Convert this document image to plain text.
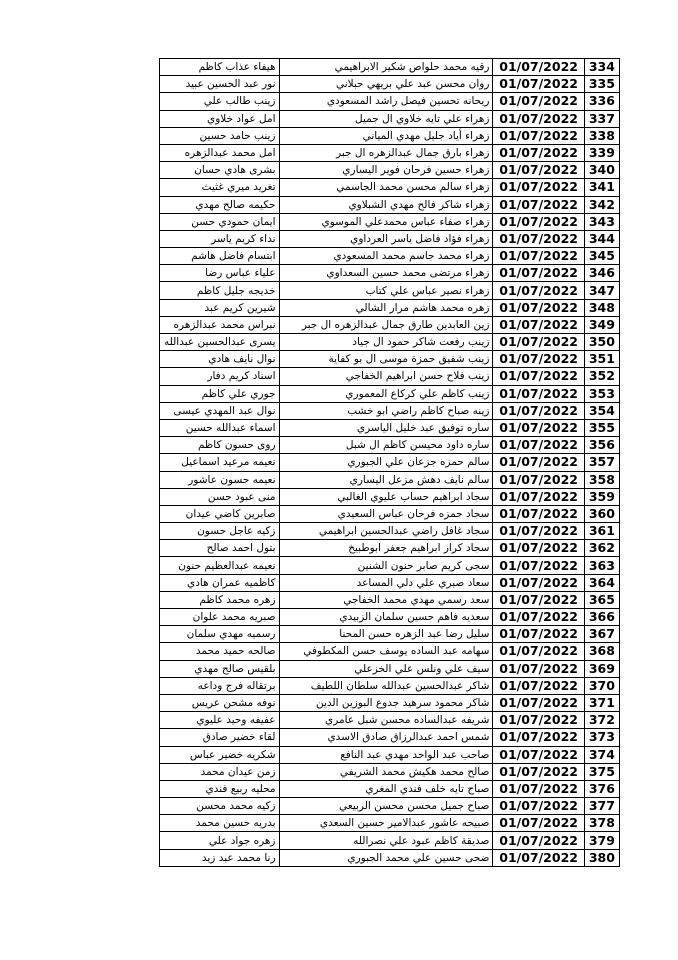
هيفاء عذاب كاظم	رقيه محمد حلواص شكير الابراهيمي	01/07/2022	334
نور عبد الحسين عبيد	روان محسن عبد علي بريهي حبلاني	01/07/2022	335
زينب طالب علي	ريحانه تحسين فيصل راشد المسعودي	01/07/2022	336
امل عواد خلاوي	زهراء علي تايه خلاوي ال جميل	01/07/2022	337
زينب حامد حسين	زهراء أياد جليل مهدي المياني	01/07/2022	338
امل محمد عبدالزهره	زهراء بارق جمال عبدالزهره ال جبر	01/07/2022	339
بشرى هادي حسان	زهراء حسين فرحان فوير اليساري	01/07/2022	340
تغريد ميري غثيث	زهراء سالم محسن محمد الجاسمي	01/07/2022	341
حكيمه صالح مهدي	زهراء شاكر فالح مهدي الشبلاوي	01/07/2022	342
ايمان حمودي حسن	زهراء صفاء عباس محمدعلي الموسوي	01/07/2022	343
نداء كريم ياسر	زهراء فؤاد فاضل ياسر العرداوي	01/07/2022	344
ابتسام فاضل هاشم	زهراء محمد جاسم محمد المسعودي	01/07/2022	345
علياء عباس رضا	زهراء مرتضى محمد حسين السعداوي	01/07/2022	346
خديجه جليل كاظم	زهراء نصير عباس علي كتاب	01/07/2022	347
شيرين كريم عبد	زهره محمد هاشم مرار الشالي	01/07/2022	348
نبراس محمد عبدالزهره	زين العابدين طارق جمال عبدالزهره ال جبر	01/07/2022	349
يسرى عبدالحسين عبدالله	زينب رفعت شاكر حمود ال جياد	01/07/2022	350
نوال نايف هادي	زينب شفيق حمزة موسى ال بو كفاية	01/07/2022	351
اسناد كريم دفار	زينب فلاح حسن ابراهيم الخفاجي	01/07/2022	352
جوري علي كاظم	زينب كاظم علي كركاع المعموري	01/07/2022	353
نوال عبد المهدي عيسى	زينه صباح كاظم راضي ابو خشب	01/07/2022	354
اسماء عبدالله حسين	ساره توفيق عبد خليل الياسري	01/07/2022	355
روى حسون كاظم	ساره داود محيسن كاظم ال شبل	01/07/2022	356
نعيمه مرعيد اسماعيل	سالم حمزه جزعان علي الجبوري	01/07/2022	357
نعيمه حسون عاشور	سالم نايف دهش مزعل اليساري	01/07/2022	358
منى عبود حسن	سجاد ابراهيم حساب عليوي الغالبي	01/07/2022	359
صابرين كاضي عيدان	سجاد حمزه فرحان عباس السعيدي	01/07/2022	360
زكيه عاجل حسون	سجاد غافل راضي عبدالحسين ابراهيمي	01/07/2022	361
بتول احمد صالح	سجاد كرار ابراهيم جعفر ابوطبيخ	01/07/2022	362
نعيمه عبدالعظيم حنون	سجى كريم صابر حنون الشنين	01/07/2022	363
كاظميه عمران هادي	سعاد صبري علي دلي المساعد	01/07/2022	364
زهره محمد كاظم	سعد رسمي مهدي محمد الخفاجي	01/07/2022	365
صبريه محمد علوان	سعديه فاهم حسين سلمان الزبيدي	01/07/2022	366
رسميه مهدي سلمان	سليل رضا عبد الزهره حسن المحنا	01/07/2022	367
صالحه حميد محمد	سهامه عبد الساده يوسف حسن المكطوفي	01/07/2022	368
بلقيس صالح مهدي	سيف علي ونلس علي الخزعلي	01/07/2022	369
برتقاله فرج وداعه	شاكر عبدالحسين عبدالله سلطان اللطيف	01/07/2022	370
نوفه مشحن عريس	شاكر محمود سرهيد جدوع البوزين الدين	01/07/2022	371
عفيفه وحيد عليوي	شريفه عبدالساده محسن شبل عامري	01/07/2022	372
لقاء خضير صادق	شمس احمد عبدالرزاق صادق الاسدي	01/07/2022	373
شكريه خضير عباس	صاحب عبد الواحد مهدي عبد النافع	01/07/2022	374
زمن عيدان محمد	صالح محمد هكيش محمد الشريفي	01/07/2022	375
محليه ربيع فندي	صباح تايه خلف فندي المغري	01/07/2022	376
زكيه محمد محسن	صباح جميل محسن محسن الربيعي	01/07/2022	377
بدريه حسين محمد	صبيحه عاشور عبدالامير حسين السعدي	01/07/2022	378
زهره جواد علي	صديقة كاظم عبود علي نصرالله	01/07/2022	379
رنا محمد عبد زيد	ضحى حسين علي محمد الجبوري	01/07/2022	380
